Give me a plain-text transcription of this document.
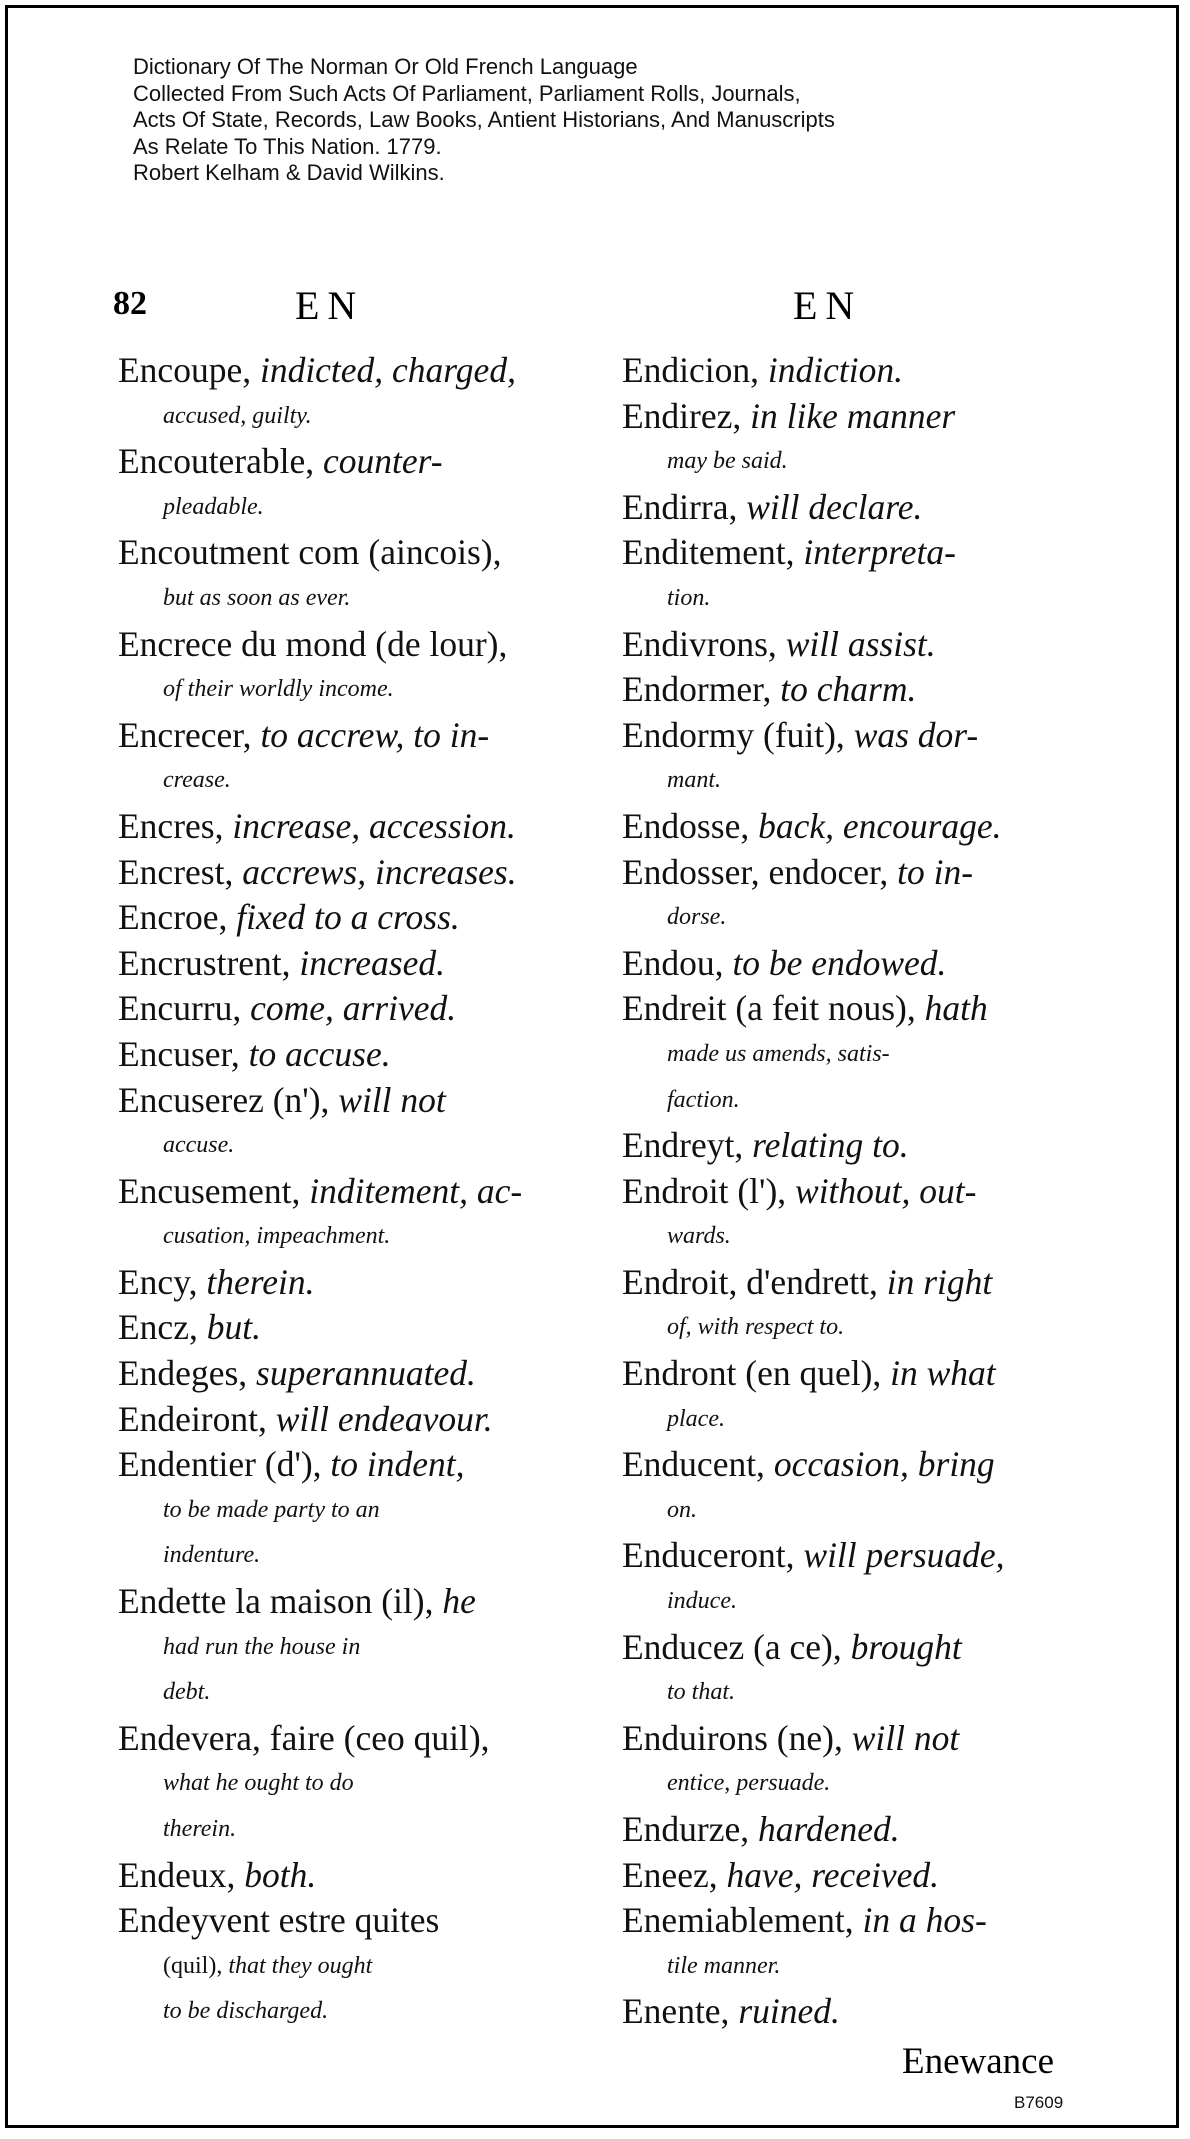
Dictionary Of The Norman Or Old French Language
Collected From Such Acts Of Parliament, Parliament Rolls, Journals,
Acts Of State, Records, Law Books, Antient Historians, And Manuscripts
As Relate To This Nation. 1779.
Robert Kelham & David Wilkins.
82	EN	EN
Encoupe, indicted, charged,
accused, guilty.
Encouterable, counter-
pleadable.
Encoutment com (aincois),
but as soon as ever.
Encrece du mond (de lour),
of their worldly income.
Encrecer, to accrew, to in-
crease.
Encres, increase, accession.
Encrest, accrews, increases.
Encroe, fixed to a cross.
Encrustrent, increased.
Encurru, come, arrived.
Encuser, to accuse.
Encuserez (n'), will not
accuse.
Encusement, inditement, ac-
cusation, impeachment.
Ency, therein.
Encz, but.
Endeges, superannuated.
Endeiront, will endeavour.
Endentier (d'), to indent,
to be made party to an
indenture.
Endette la maison (il), he
had run the house in
debt.
Endevera, faire (ceo quil),
what he ought to do
therein.
Endeux, both.
Endeyvent estre quites
(quil), that they ought
to be discharged.
Endicion, indiction.
Endirez, in like manner
may be said.
Endirra, will declare.
Enditement, interpreta-
tion.
Endivrons, will assist.
Endormer, to charm.
Endormy (fuit), was dor-
mant.
Endosse, back, encourage.
Endosser, endocer, to in-
dorse.
Endou, to be endowed.
Endreit (a feit nous), hath
made us amends, satis-
faction.
Endreyt, relating to.
Endroit (l'), without, out-
wards.
Endroit, d'endrett, in right
of, with respect to.
Endront (en quel), in what
place.
Enducent, occasion, bring
on.
Enduceront, will persuade,
induce.
Enducez (a ce), brought
to that.
Enduirons (ne), will not
entice, persuade.
Endurze, hardened.
Eneez, have, received.
Enemiablement, in a hos-
tile manner.
Enente, ruined.
Enewance
B7609
